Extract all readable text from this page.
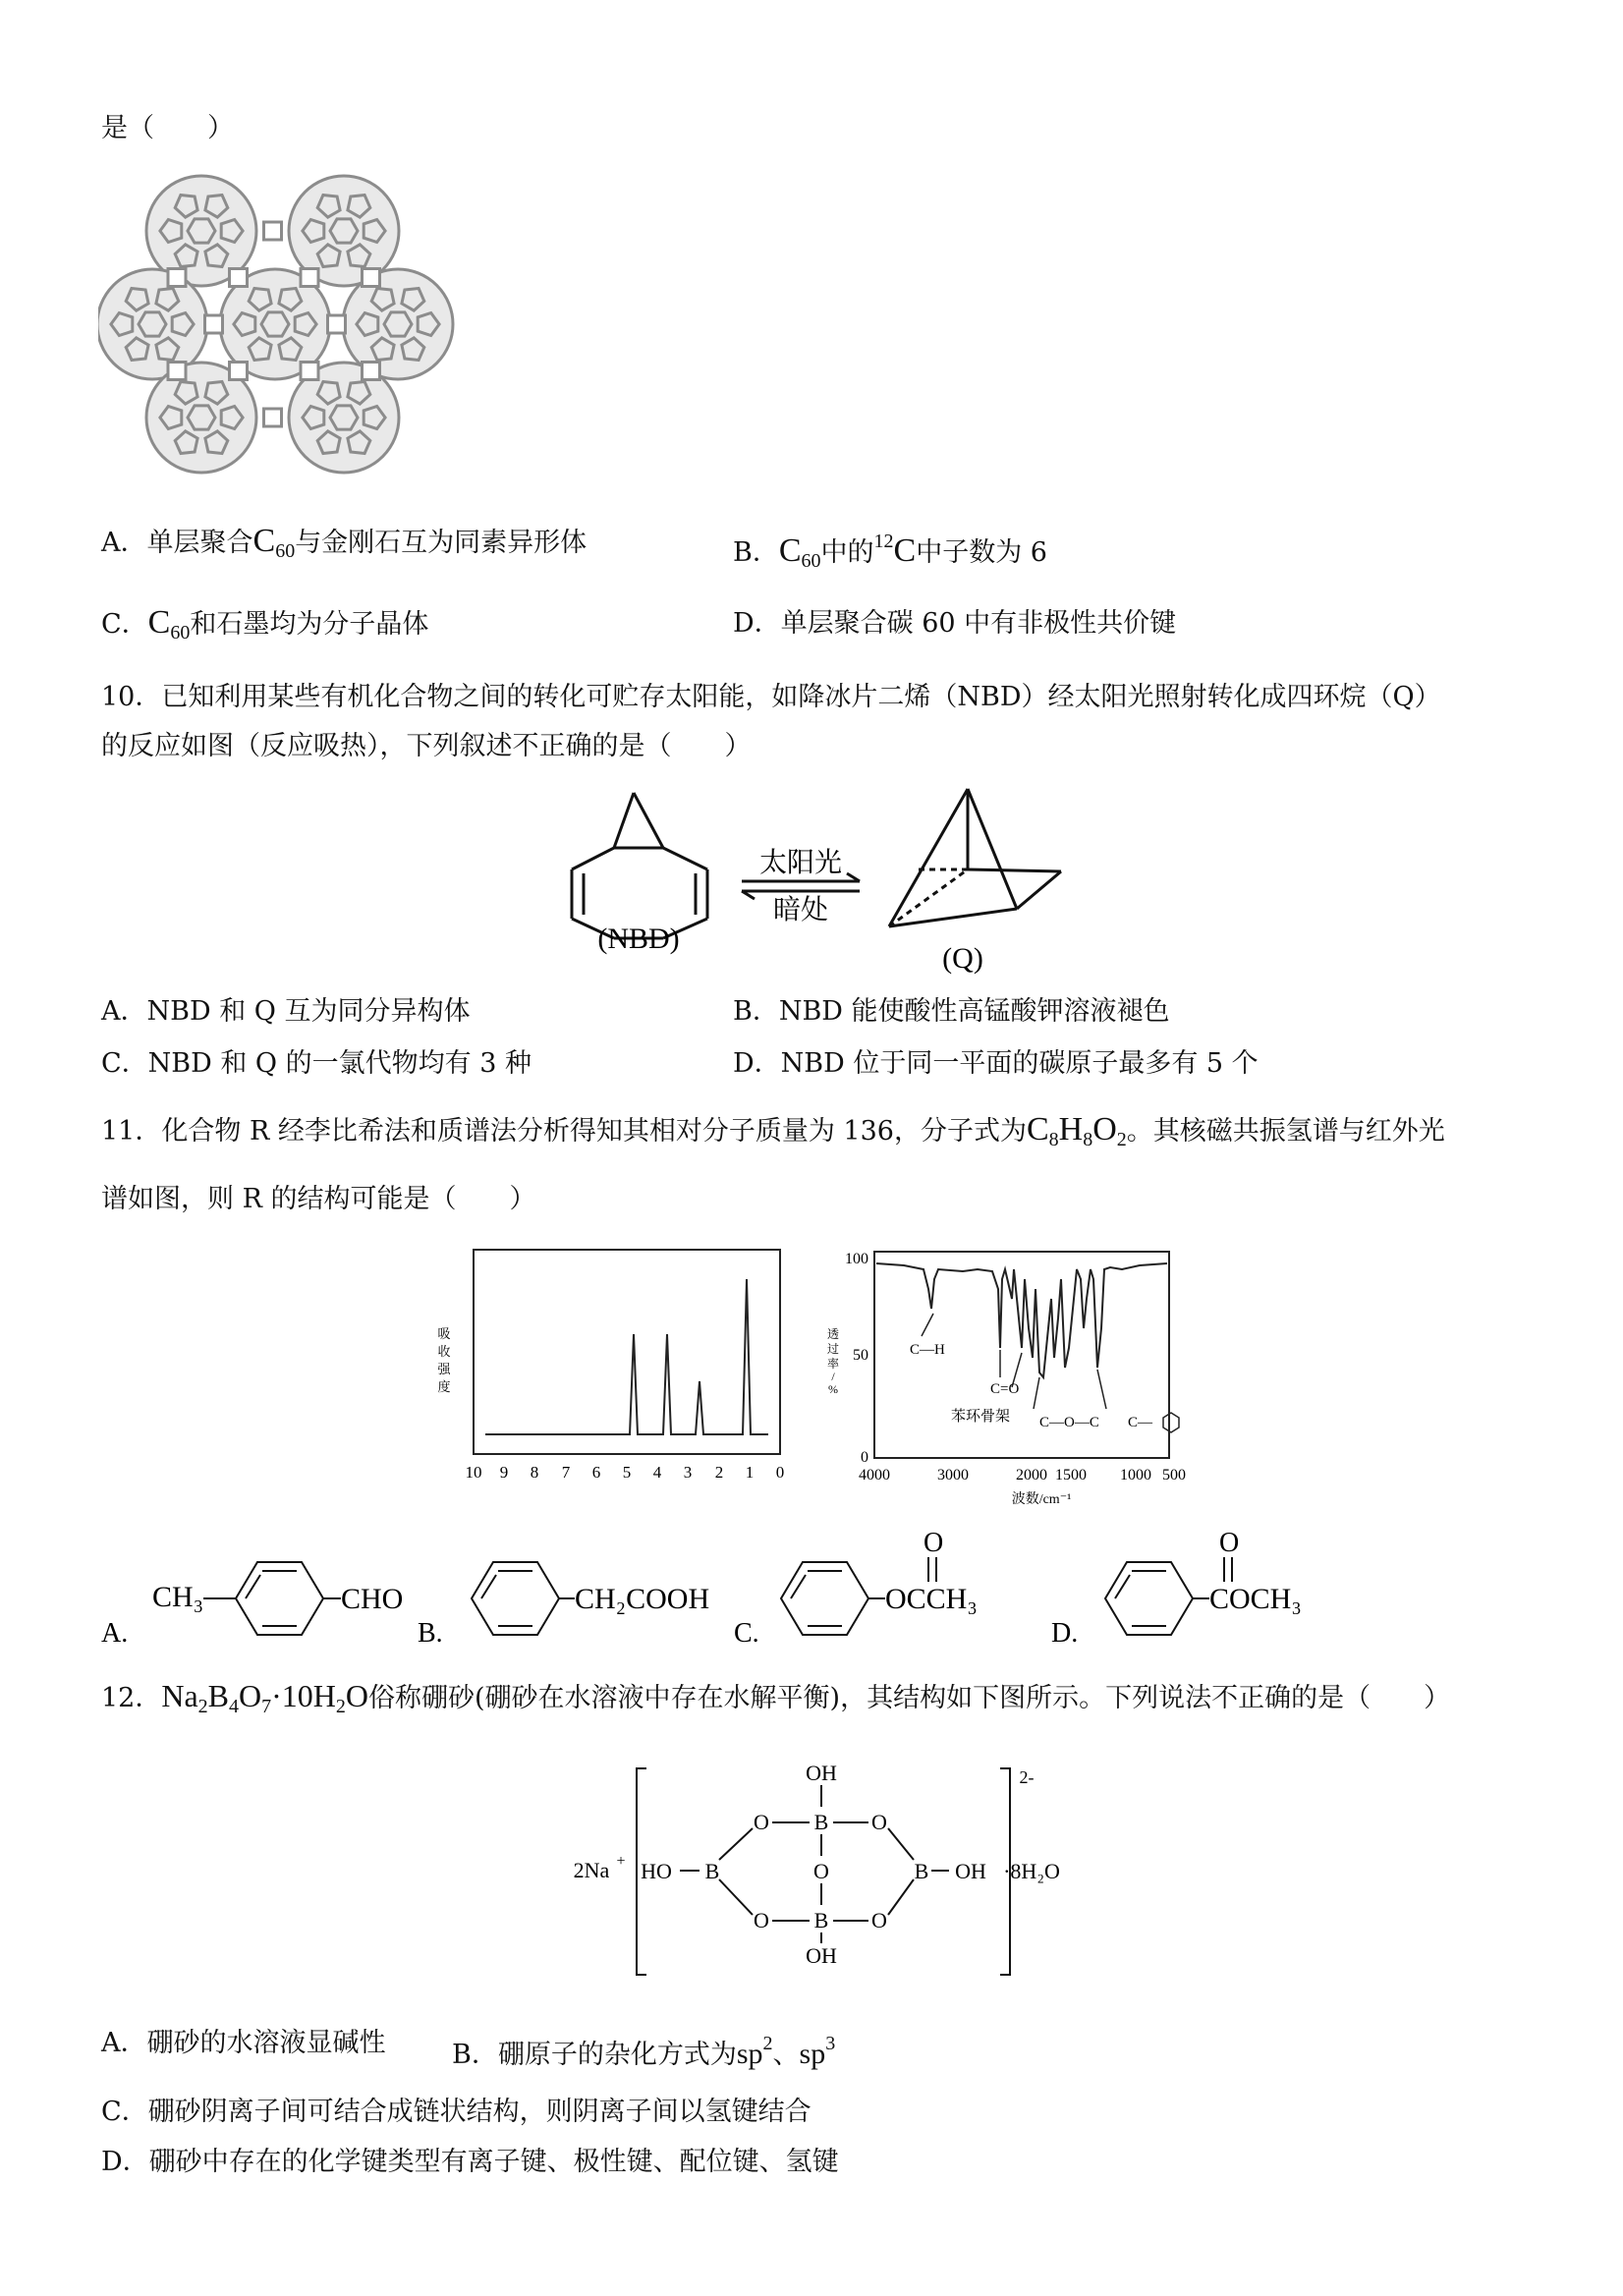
是（　　）
A．单层聚合$C_{60}$与金刚石互为同素异形体	B．$C_{60}$中的$^{12}$C中子数为 6
C．$C_{60}$和石墨均为分子晶体	D．单层聚合碳 60 中有非极性共价键
10．已知利用某些有机化合物之间的转化可贮存太阳能，如降冰片二烯（NBD）经太阳光照射转化成四环烷（Q）
的反应如图（反应吸热），下列叙述不正确的是（　　）
太阳光
暗处
(NBD)
(Q)
A．NBD 和 Q 互为同分异构体	B．NBD 能使酸性高锰酸钾溶液褪色
C．NBD 和 Q 的一氯代物均有 3 种	D．NBD 位于同一平面的碳原子最多有 5 个
11．化合物 R 经李比希法和质谱法分析得知其相对分子质量为 136，分子式为$C_8H_8O_2$。其核磁共振氢谱与红外光
谱如图，则 R 的结构可能是（　　）
吸
收
强
度
10 9 8 7 6 5 4 3 2 1 0
100
50
0
透
过
率
/
%
C—H
C=O
苯环骨架 C—O—C C—
4000	3000	2000 1500 1000 500
波数/cm⁻¹
A.	B.	C.	D.
CH₃	CHO	CH₂COOH	OCCH₃
O
COCH₃
O
12．$Na_2B_4O_7\cdot 10H_2O$俗称硼砂(硼砂在水溶液中存在水解平衡)，其结构如下图所示。下列说法不正确的是（　　）
2Na +
2-
·8H₂O
HO B
O
O
OH
B
O
B
OH
O
O
B OH
A．硼砂的水溶液显碱性	B．硼原子的杂化方式为$sp^2$、$sp^3$
C．硼砂阴离子间可结合成链状结构，则阴离子间以氢键结合
D．硼砂中存在的化学键类型有离子键、极性键、配位键、氢键
